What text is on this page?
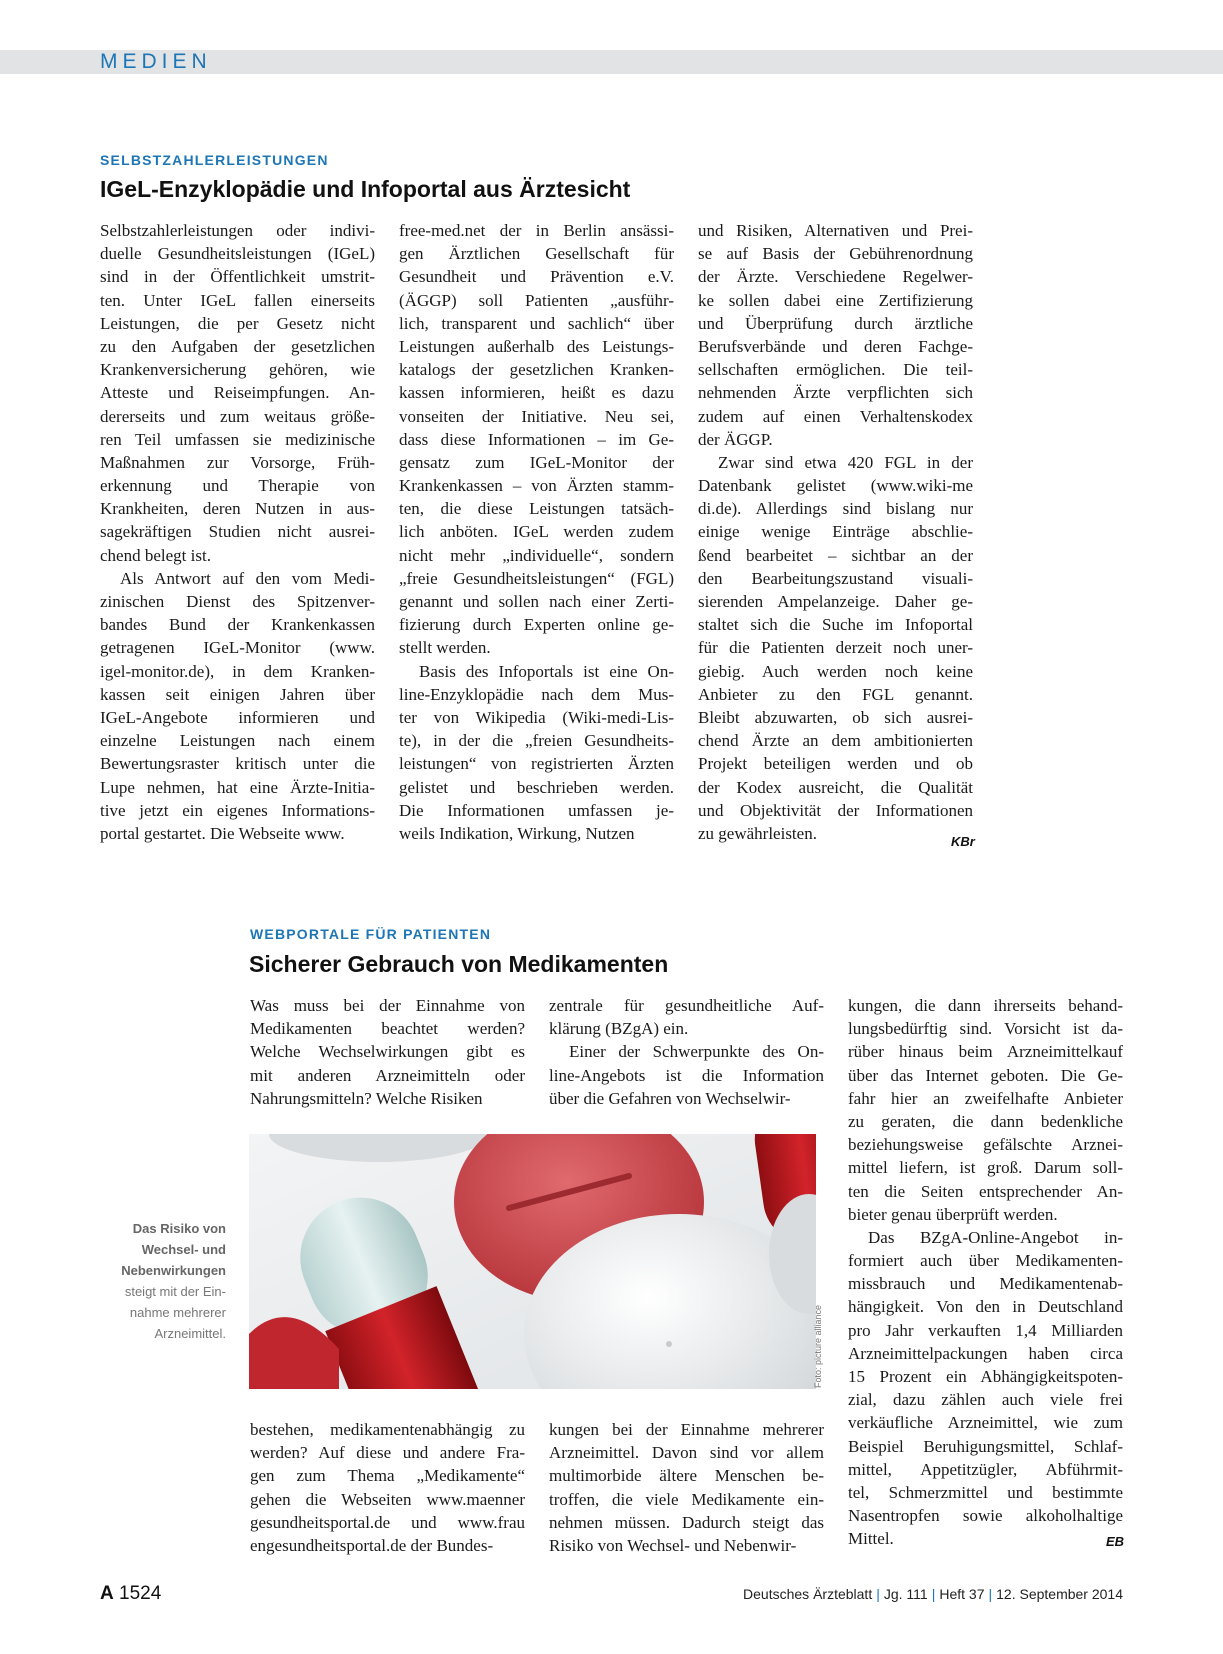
MEDIEN
SELBSTZAHLERLEISTUNGEN
IGeL-Enzyklopädie und Infoportal aus Ärztesicht
Selbstzahlerleistungen oder indivi-
duelle Gesundheitsleistungen (IGeL)
sind in der Öffentlichkeit umstrit-
ten. Unter IGeL fallen einerseits
Leistungen, die per Gesetz nicht
zu den Aufgaben der gesetzlichen
Krankenversicherung gehören, wie
Atteste und Reiseimpfungen. An-
dererseits und zum weitaus größe-
ren Teil umfassen sie medizinische
Maßnahmen zur Vorsorge, Früh-
erkennung und Therapie von
Krankheiten, deren Nutzen in aus-
sagekräftigen Studien nicht ausrei-
chend belegt ist.
Als Antwort auf den vom Medi-
zinischen Dienst des Spitzenver-
bandes Bund der Krankenkassen
getragenen IGeL-Monitor (www.
igel-monitor.de), in dem Kranken-
kassen seit einigen Jahren über
IGeL-Angebote informieren und
einzelne Leistungen nach einem
Bewertungsraster kritisch unter die
Lupe nehmen, hat eine Ärzte-Initia-
tive jetzt ein eigenes Informations-
portal gestartet. Die Webseite www.
free-med.net der in Berlin ansässi-
gen Ärztlichen Gesellschaft für
Gesundheit und Prävention e.V.
(ÄGGP) soll Patienten „ausführ-
lich, transparent und sachlich“ über
Leistungen außerhalb des Leistungs-
katalogs der gesetzlichen Kranken-
kassen informieren, heißt es dazu
vonseiten der Initiative. Neu sei,
dass diese Informationen – im Ge-
gensatz zum IGeL-Monitor der
Krankenkassen – von Ärzten stamm-
ten, die diese Leistungen tatsäch-
lich anböten. IGeL werden zudem
nicht mehr „individuelle“, sondern
„freie Gesundheitsleistungen“ (FGL)
genannt und sollen nach einer Zerti-
fizierung durch Experten online ge-
stellt werden.
Basis des Infoportals ist eine On-
line-Enzyklopädie nach dem Mus-
ter von Wikipedia (Wiki-medi-Lis-
te), in der die „freien Gesundheits-
leistungen“ von registrierten Ärzten
gelistet und beschrieben werden.
Die Informationen umfassen je-
weils Indikation, Wirkung, Nutzen
und Risiken, Alternativen und Prei-
se auf Basis der Gebührenordnung
der Ärzte. Verschiedene Regelwer-
ke sollen dabei eine Zertifizierung
und Überprüfung durch ärztliche
Berufsverbände und deren Fachge-
sellschaften ermöglichen. Die teil-
nehmenden Ärzte verpflichten sich
zudem auf einen Verhaltenskodex
der ÄGGP.
Zwar sind etwa 420 FGL in der
Datenbank gelistet (www.wiki-me
di.de). Allerdings sind bislang nur
einige wenige Einträge abschlie-
ßend bearbeitet – sichtbar an der
den Bearbeitungszustand visuali-
sierenden Ampelanzeige. Daher ge-
staltet sich die Suche im Infoportal
für die Patienten derzeit noch uner-
giebig. Auch werden noch keine
Anbieter zu den FGL genannt.
Bleibt abzuwarten, ob sich ausrei-
chend Ärzte an dem ambitionierten
Projekt beteiligen werden und ob
der Kodex ausreicht, die Qualität
und Objektivität der Informationen
zu gewährleisten.	KBr
WEBPORTALE FÜR PATIENTEN
Sicherer Gebrauch von Medikamenten
Was muss bei der Einnahme von
Medikamenten beachtet werden?
Welche Wechselwirkungen gibt es
mit anderen Arzneimitteln oder
Nahrungsmitteln? Welche Risiken
zentrale für gesundheitliche Auf-
klärung (BZgA) ein.
Einer der Schwerpunkte des On-
line-Angebots ist die Information
über die Gefahren von Wechselwir-
Foto: picture alliance
Das Risiko von
Wechsel- und
Nebenwirkungen
steigt mit der Ein-
nahme mehrerer
Arzneimittel.
bestehen, medikamentenabhängig zu
werden? Auf diese und andere Fra-
gen zum Thema „Medikamente“
gehen die Webseiten www.maenner
gesundheitsportal.de und www.frau
engesundheitsportal.de der Bundes-
kungen bei der Einnahme mehrerer
Arzneimittel. Davon sind vor allem
multimorbide ältere Menschen be-
troffen, die viele Medikamente ein-
nehmen müssen. Dadurch steigt das
Risiko von Wechsel- und Nebenwir-
kungen, die dann ihrerseits behand-
lungsbedürftig sind. Vorsicht ist da-
rüber hinaus beim Arzneimittelkauf
über das Internet geboten. Die Ge-
fahr hier an zweifelhafte Anbieter
zu geraten, die dann bedenkliche
beziehungsweise gefälschte Arznei-
mittel liefern, ist groß. Darum soll-
ten die Seiten entsprechender An-
bieter genau überprüft werden.
Das BZgA-Online-Angebot in-
formiert auch über Medikamenten-
missbrauch und Medikamentenab-
hängigkeit. Von den in Deutschland
pro Jahr verkauften 1,4 Milliarden
Arzneimittelpackungen haben circa
15 Prozent ein Abhängigkeitspoten-
zial, dazu zählen auch viele frei
verkäufliche Arzneimittel, wie zum
Beispiel Beruhigungsmittel, Schlaf-
mittel, Appetitzügler, Abführmit-
tel, Schmerzmittel und bestimmte
Nasentropfen sowie alkoholhaltige
Mittel.	EB
A 1524	Deutsches Ärzteblatt | Jg. 111 | Heft 37 | 12. September 2014
